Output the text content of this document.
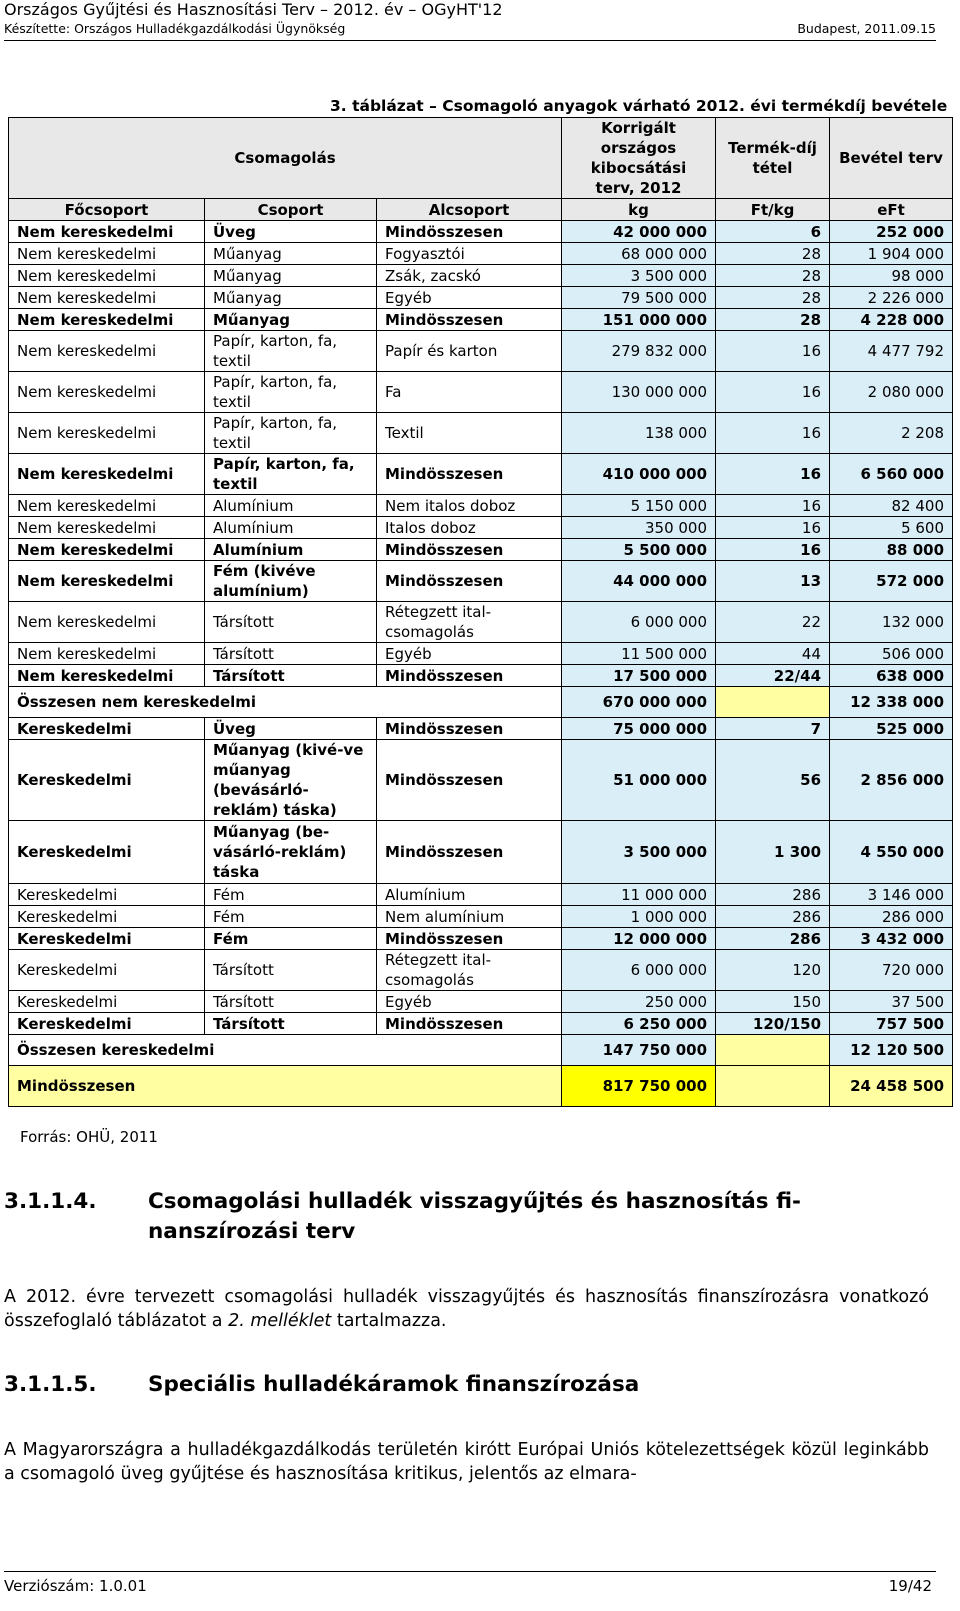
Országos Gyűjtési és Hasznosítási Terv – 2012. év – OGyHT'12
Készítette: Országos Hulladékgazdálkodási Ügynökség	Budapest, 2011.09.15
3. táblázat – Csomagoló anyagok várható 2012. évi termékdíj bevétele
Csomagolás			Korrigált országos kibocsátási terv, 2012	Termék-díj tétel	Bevétel terv
Főcsoport	Csoport	Alcsoport	kg	Ft/kg	eFt
Nem kereskedelmi	Üveg	Mindösszesen	42 000 000	6	252 000
Nem kereskedelmi	Műanyag	Fogyasztói	68 000 000	28	1 904 000
Nem kereskedelmi	Műanyag	Zsák, zacskó	3 500 000	28	98 000
Nem kereskedelmi	Műanyag	Egyéb	79 500 000	28	2 226 000
Nem kereskedelmi	Műanyag	Mindösszesen	151 000 000	28	4 228 000
Nem kereskedelmi	Papír, karton, fa, textil	Papír és karton	279 832 000	16	4 477 792
Nem kereskedelmi	Papír, karton, fa, textil	Fa	130 000 000	16	2 080 000
Nem kereskedelmi	Papír, karton, fa, textil	Textil	138 000	16	2 208
Nem kereskedelmi	Papír, karton, fa, textil	Mindösszesen	410 000 000	16	6 560 000
Nem kereskedelmi	Alumínium	Nem italos doboz	5 150 000	16	82 400
Nem kereskedelmi	Alumínium	Italos doboz	350 000	16	5 600
Nem kereskedelmi	Alumínium	Mindösszesen	5 500 000	16	88 000
Nem kereskedelmi	Fém (kivéve alumínium)	Mindösszesen	44 000 000	13	572 000
Nem kereskedelmi	Társított	Rétegzett ital-csomagolás	6 000 000	22	132 000
Nem kereskedelmi	Társított	Egyéb	11 500 000	44	506 000
Nem kereskedelmi	Társított	Mindösszesen	17 500 000	22/44	638 000
Összesen nem kereskedelmi			670 000 000		12 338 000
Kereskedelmi	Üveg	Mindösszesen	75 000 000	7	525 000
Kereskedelmi	Műanyag (kivé-ve műanyag (bevásárló-reklám) táska)	Mindösszesen	51 000 000	56	2 856 000
Kereskedelmi	Műanyag (be-vásárló-reklám) táska	Mindösszesen	3 500 000	1 300	4 550 000
Kereskedelmi	Fém	Alumínium	11 000 000	286	3 146 000
Kereskedelmi	Fém	Nem alumínium	1 000 000	286	286 000
Kereskedelmi	Fém	Mindösszesen	12 000 000	286	3 432 000
Kereskedelmi	Társított	Rétegzett ital-csomagolás	6 000 000	120	720 000
Kereskedelmi	Társított	Egyéb	250 000	150	37 500
Kereskedelmi	Társított	Mindösszesen	6 250 000	120/150	757 500
Összesen kereskedelmi			147 750 000		12 120 500
Mindösszesen			817 750 000		24 458 500
Forrás: OHÜ, 2011
3.1.1.4. Csomagolási hulladék visszagyűjtés és hasznosítás fi-nanszírozási terv
A 2012. évre tervezett csomagolási hulladék visszagyűjtés és hasznosítás finanszírozásra vonatkozó összefoglaló táblázatot a 2. melléklet tartalmazza.
3.1.1.5. Speciális hulladékáramok finanszírozása
A Magyarországra a hulladékgazdálkodás területén kirótt Európai Uniós kötelezettségek közül leginkább a csomagoló üveg gyűjtése és hasznosítása kritikus, jelentős az elmara-
Verziószám: 1.0.01	19/42
